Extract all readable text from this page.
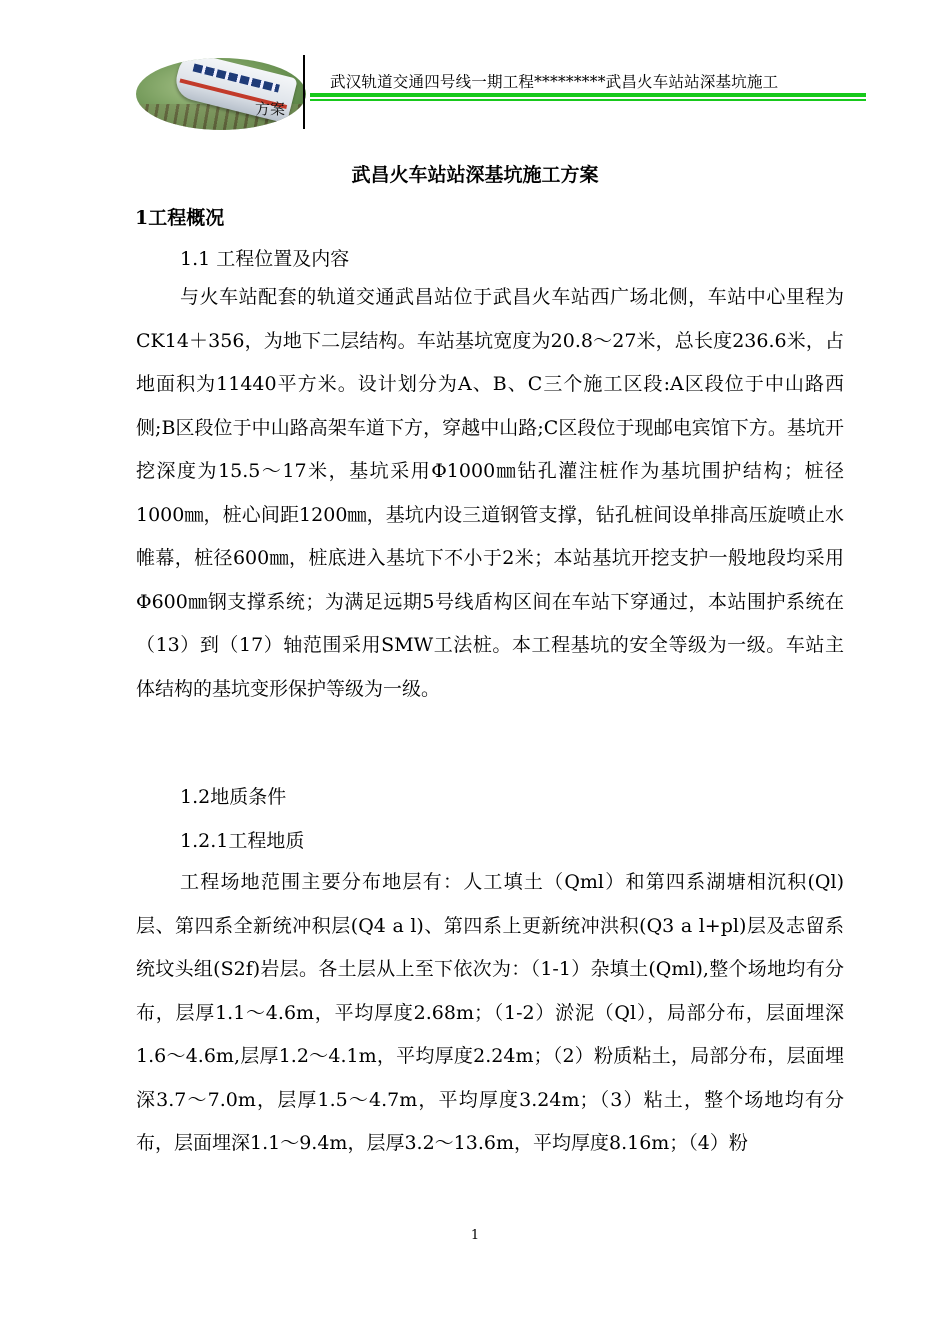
方案
武汉轨道交通四号线一期工程*********武昌火车站站深基坑施工
武昌火车站站深基坑施工方案
1工程概况
1.1 工程位置及内容

与火车站配套的轨道交通武昌站位于武昌火车站西广场北侧，车站中心里程为CK14＋356，为地下二层结构。车站基坑宽度为20.8～27米，总长度236.6米，占地面积为11440平方米。设计划分为A、B、C三个施工区段:A区段位于中山路西侧;B区段位于中山路高架车道下方，穿越中山路;C区段位于现邮电宾馆下方。基坑开挖深度为15.5～17米，基坑采用Φ1000㎜钻孔灌注桩作为基坑围护结构；桩径1000㎜，桩心间距1200㎜，基坑内设三道钢管支撑，钻孔桩间设单排高压旋喷止水帷幕，桩径600㎜，桩底进入基坑下不小于2米；本站基坑开挖支护一般地段均采用Φ600㎜钢支撑系统；为满足远期5号线盾构区间在车站下穿通过，本站围护系统在（13）到（17）轴范围采用SMW工法桩。本工程基坑的安全等级为一级。车站主体结构的基坑变形保护等级为一级。

1.2地质条件
1.2.1工程地质

工程场地范围主要分布地层有：人工填土（Qml）和第四系湖塘相沉积(Ql)层、第四系全新统冲积层(Q4 a l)、第四系上更新统冲洪积(Q3 a l+pl)层及志留系统坟头组(S2f)岩层。各土层从上至下依次为：（1-1）杂填土(Qml),整个场地均有分布，层厚1.1～4.6m，平均厚度2.68m；（1-2）淤泥（Ql），局部分布，层面埋深1.6～4.6m,层厚1.2～4.1m，平均厚度2.24m；（2）粉质粘土，局部分布，层面埋深3.7～7.0m，层厚1.5～4.7m，平均厚度3.24m；（3）粘土，整个场地均有分布，层面埋深1.1～9.4m，层厚3.2～13.6m，平均厚度8.16m；（4）粉

1
